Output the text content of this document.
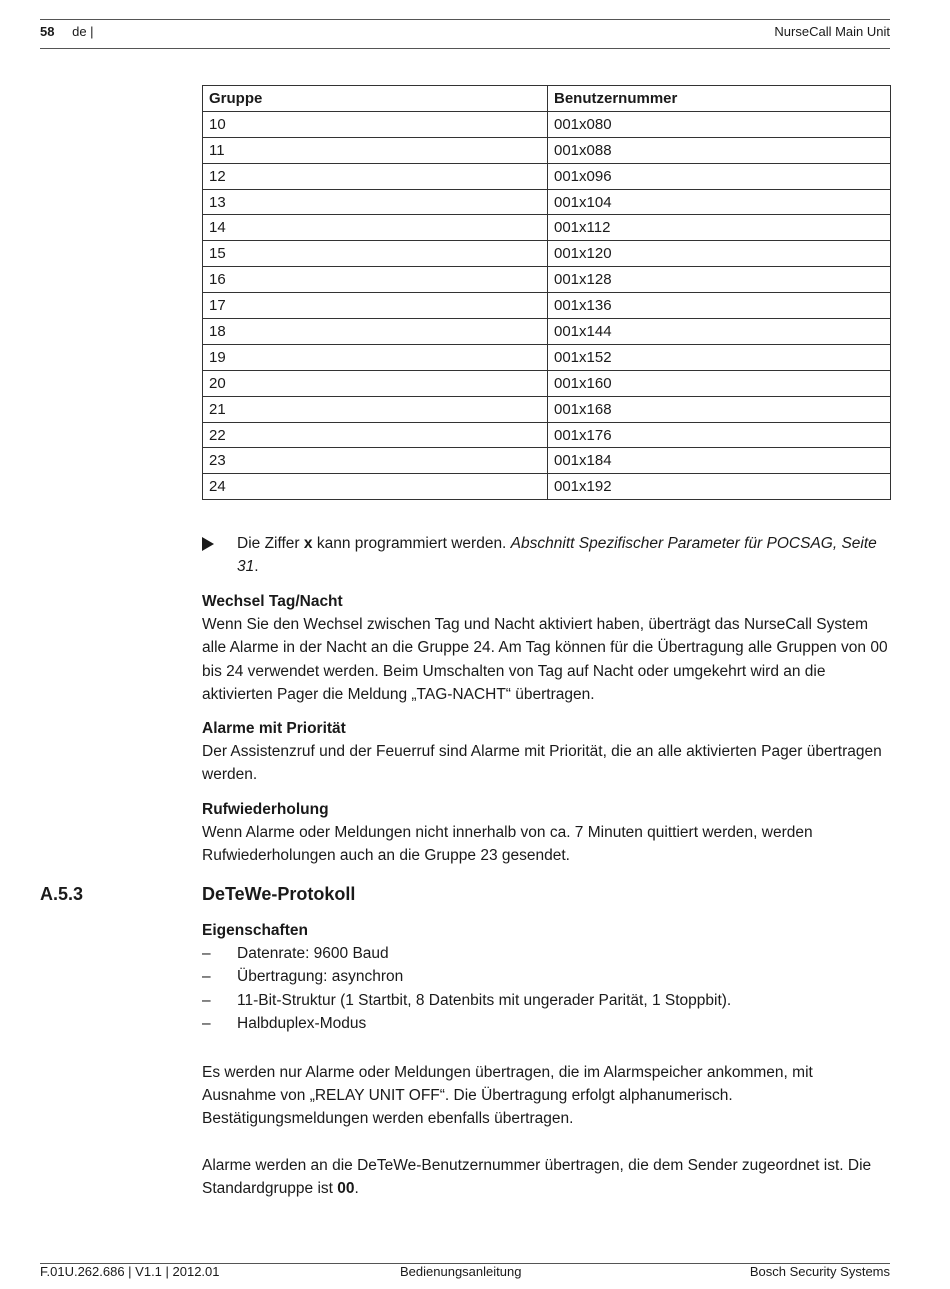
58 de |	NurseCall Main Unit
Gruppe	Benutzernummer
10	001x080
11	001x088
12	001x096
13	001x104
14	001x112
15	001x120
16	001x128
17	001x136
18	001x144
19	001x152
20	001x160
21	001x168
22	001x176
23	001x184
24	001x192

Die Ziffer x kann programmiert werden. Abschnitt Spezifischer Parameter für POCSAG, Seite 31.

Wechsel Tag/Nacht

Wenn Sie den Wechsel zwischen Tag und Nacht aktiviert haben, überträgt das NurseCall System alle Alarme in der Nacht an die Gruppe 24. Am Tag können für die Übertragung alle Gruppen von 00 bis 24 verwendet werden. Beim Umschalten von Tag auf Nacht oder umgekehrt wird an die aktivierten Pager die Meldung „TAG-NACHT“ übertragen.

Alarme mit Priorität

Der Assistenzruf und der Feuerruf sind Alarme mit Priorität, die an alle aktivierten Pager übertragen werden.

Rufwiederholung

Wenn Alarme oder Meldungen nicht innerhalb von ca. 7 Minuten quittiert werden, werden Rufwiederholungen auch an die Gruppe 23 gesendet.

A.5.3	DeTeWe-Protokoll

Eigenschaften

– Datenrate: 9600 Baud
– Übertragung: asynchron
– 11-Bit-Struktur (1 Startbit, 8 Datenbits mit ungerader Parität, 1 Stoppbit).
– Halbduplex-Modus

Es werden nur Alarme oder Meldungen übertragen, die im Alarmspeicher ankommen, mit Ausnahme von „RELAY UNIT OFF“. Die Übertragung erfolgt alphanumerisch. Bestätigungsmeldungen werden ebenfalls übertragen.

Alarme werden an die DeTeWe-Benutzernummer übertragen, die dem Sender zugeordnet ist. Die Standardgruppe ist 00.

F.01U.262.686 | V1.1 | 2012.01	Bedienungsanleitung	Bosch Security Systems
